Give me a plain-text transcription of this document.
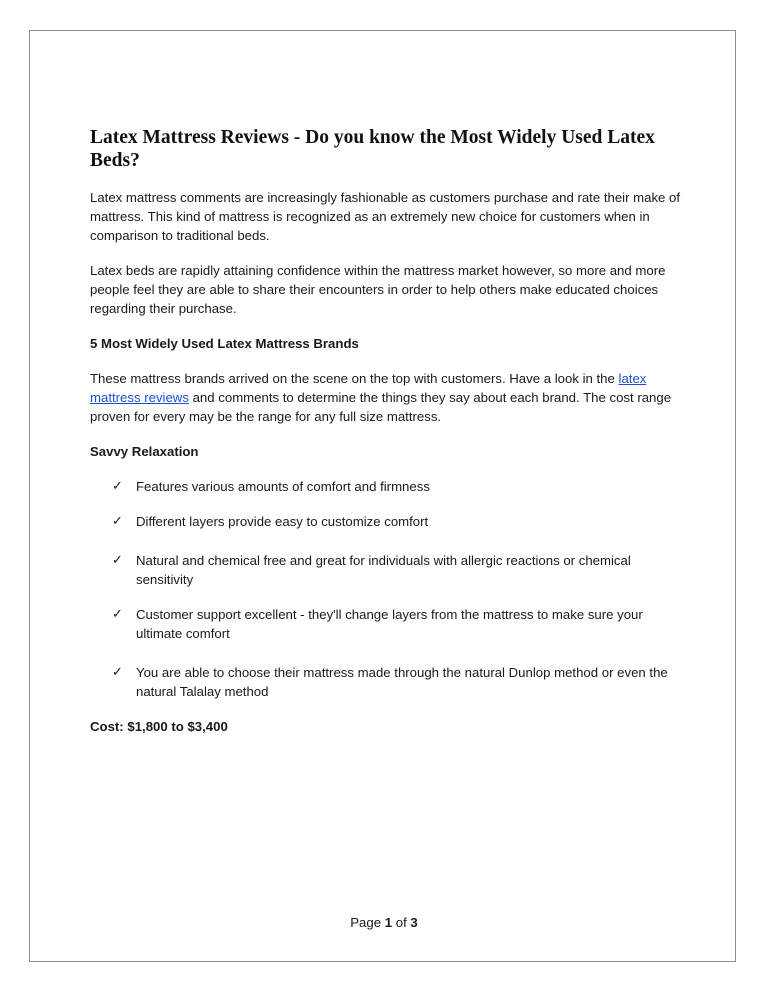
Latex Mattress Reviews - Do you know the Most Widely Used Latex Beds?

Latex mattress comments are increasingly fashionable as customers purchase and rate their make of mattress. This kind of mattress is recognized as an extremely new choice for customers when in comparison to traditional beds.

Latex beds are rapidly attaining confidence within the mattress market however, so more and more people feel they are able to share their encounters in order to help others make educated choices regarding their purchase.

5 Most Widely Used Latex Mattress Brands

These mattress brands arrived on the scene on the top with customers. Have a look in the latex mattress reviews and comments to determine the things they say about each brand. The cost range proven for every may be the range for any full size mattress.

Savvy Relaxation
✓ Features various amounts of comfort and firmness
✓ Different layers provide easy to customize comfort
✓ Natural and chemical free and great for individuals with allergic reactions or chemical sensitivity
✓ Customer support excellent - they'll change layers from the mattress to make sure your ultimate comfort
✓ You are able to choose their mattress made through the natural Dunlop method or even the natural Talalay method
Cost: $1,800 to $3,400
Page 1 of 3
